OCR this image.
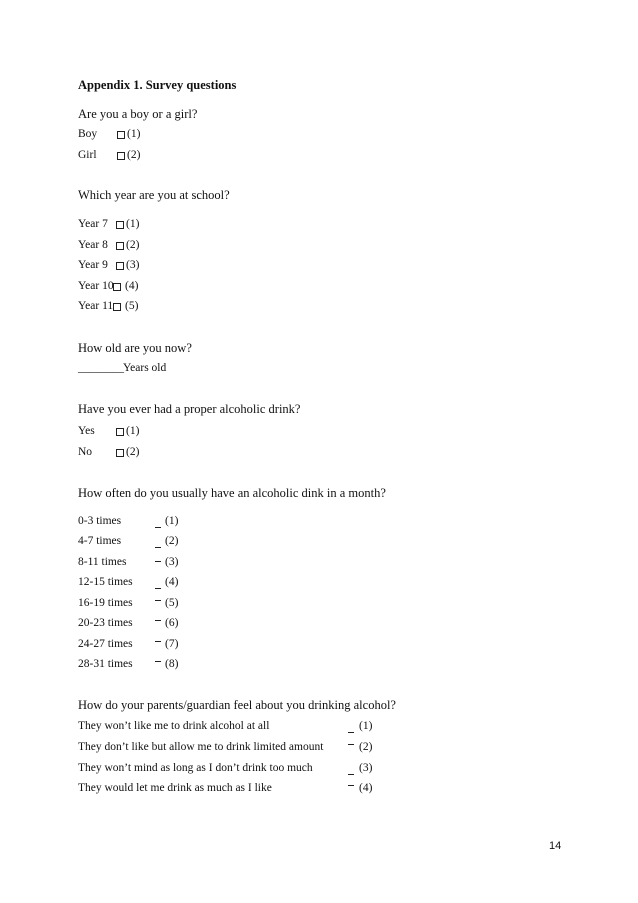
Appendix 1. Survey questions
Are you a boy or a girl?
Boy	(1)
Girl	(2)
Which year are you at school?
Year 7 (1)
Year 8 (2)
Year 9 (3)
Year 10 (4)
Year 11 (5)
How old are you now?
________ Years old
Have you ever had a proper alcoholic drink?
Yes	(1)
No	(2)
How often do you usually have an alcoholic dink in a month?
0-3 times	(1)
4-7 times	(2)
8-11 times	(3)
12-15 times	(4)
16-19 times	(5)
20-23 times	(6)
24-27 times	(7)
28-31 times	(8)
How do your parents/guardian feel about you drinking alcohol?
They won’t like me to drink alcohol at all	(1)
They don’t like but allow me to drink limited amount	(2)
They won’t mind as long as I don’t drink too much	(3)
They would let me drink as much as I like	(4)
14
